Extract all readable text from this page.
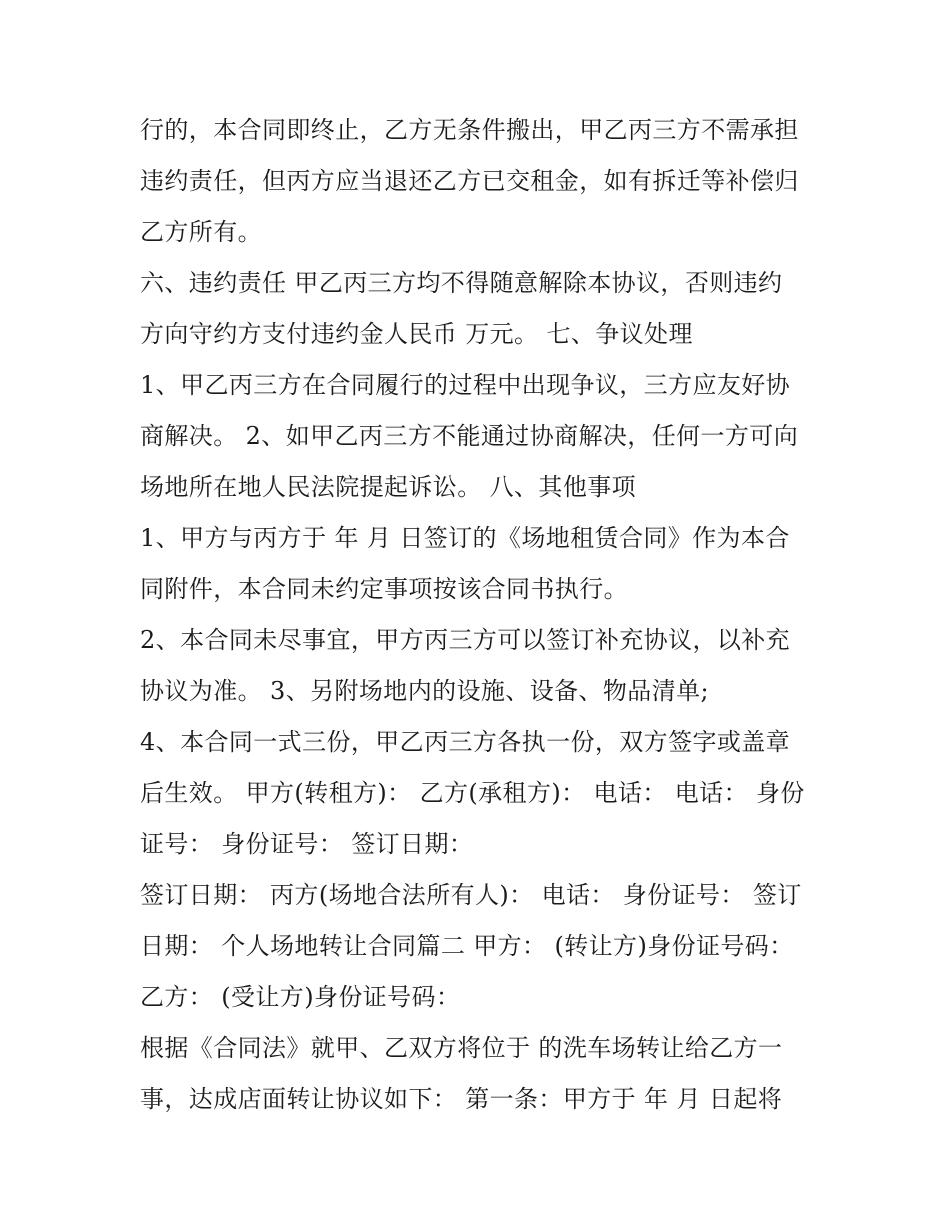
行的，本合同即终止，乙方无条件搬出，甲乙丙三方不需承担
违约责任，但丙方应当退还乙方已交租金，如有拆迁等补偿归
乙方所有。
六、违约责任 甲乙丙三方均不得随意解除本协议，否则违约
方向守约方支付违约金人民币 万元。 七、争议处理
1、甲乙丙三方在合同履行的过程中出现争议，三方应友好协
商解决。 2、如甲乙丙三方不能通过协商解决，任何一方可向
场地所在地人民法院提起诉讼。 八、其他事项
1、甲方与丙方于 年 月 日签订的《场地租赁合同》作为本合
同附件，本合同未约定事项按该合同书执行。
2、本合同未尽事宜，甲方丙三方可以签订补充协议，以补充
协议为准。 3、另附场地内的设施、设备、物品清单;
4、本合同一式三份，甲乙丙三方各执一份，双方签字或盖章
后生效。 甲方(转租方)： 乙方(承租方)： 电话： 电话： 身份
证号： 身份证号： 签订日期：
签订日期： 丙方(场地合法所有人)： 电话： 身份证号： 签订
日期： 个人场地转让合同篇二 甲方： (转让方)身份证号码：
乙方： (受让方)身份证号码：
根据《合同法》就甲、乙双方将位于 的洗车场转让给乙方一
事，达成店面转让协议如下： 第一条：甲方于 年 月 日起将
